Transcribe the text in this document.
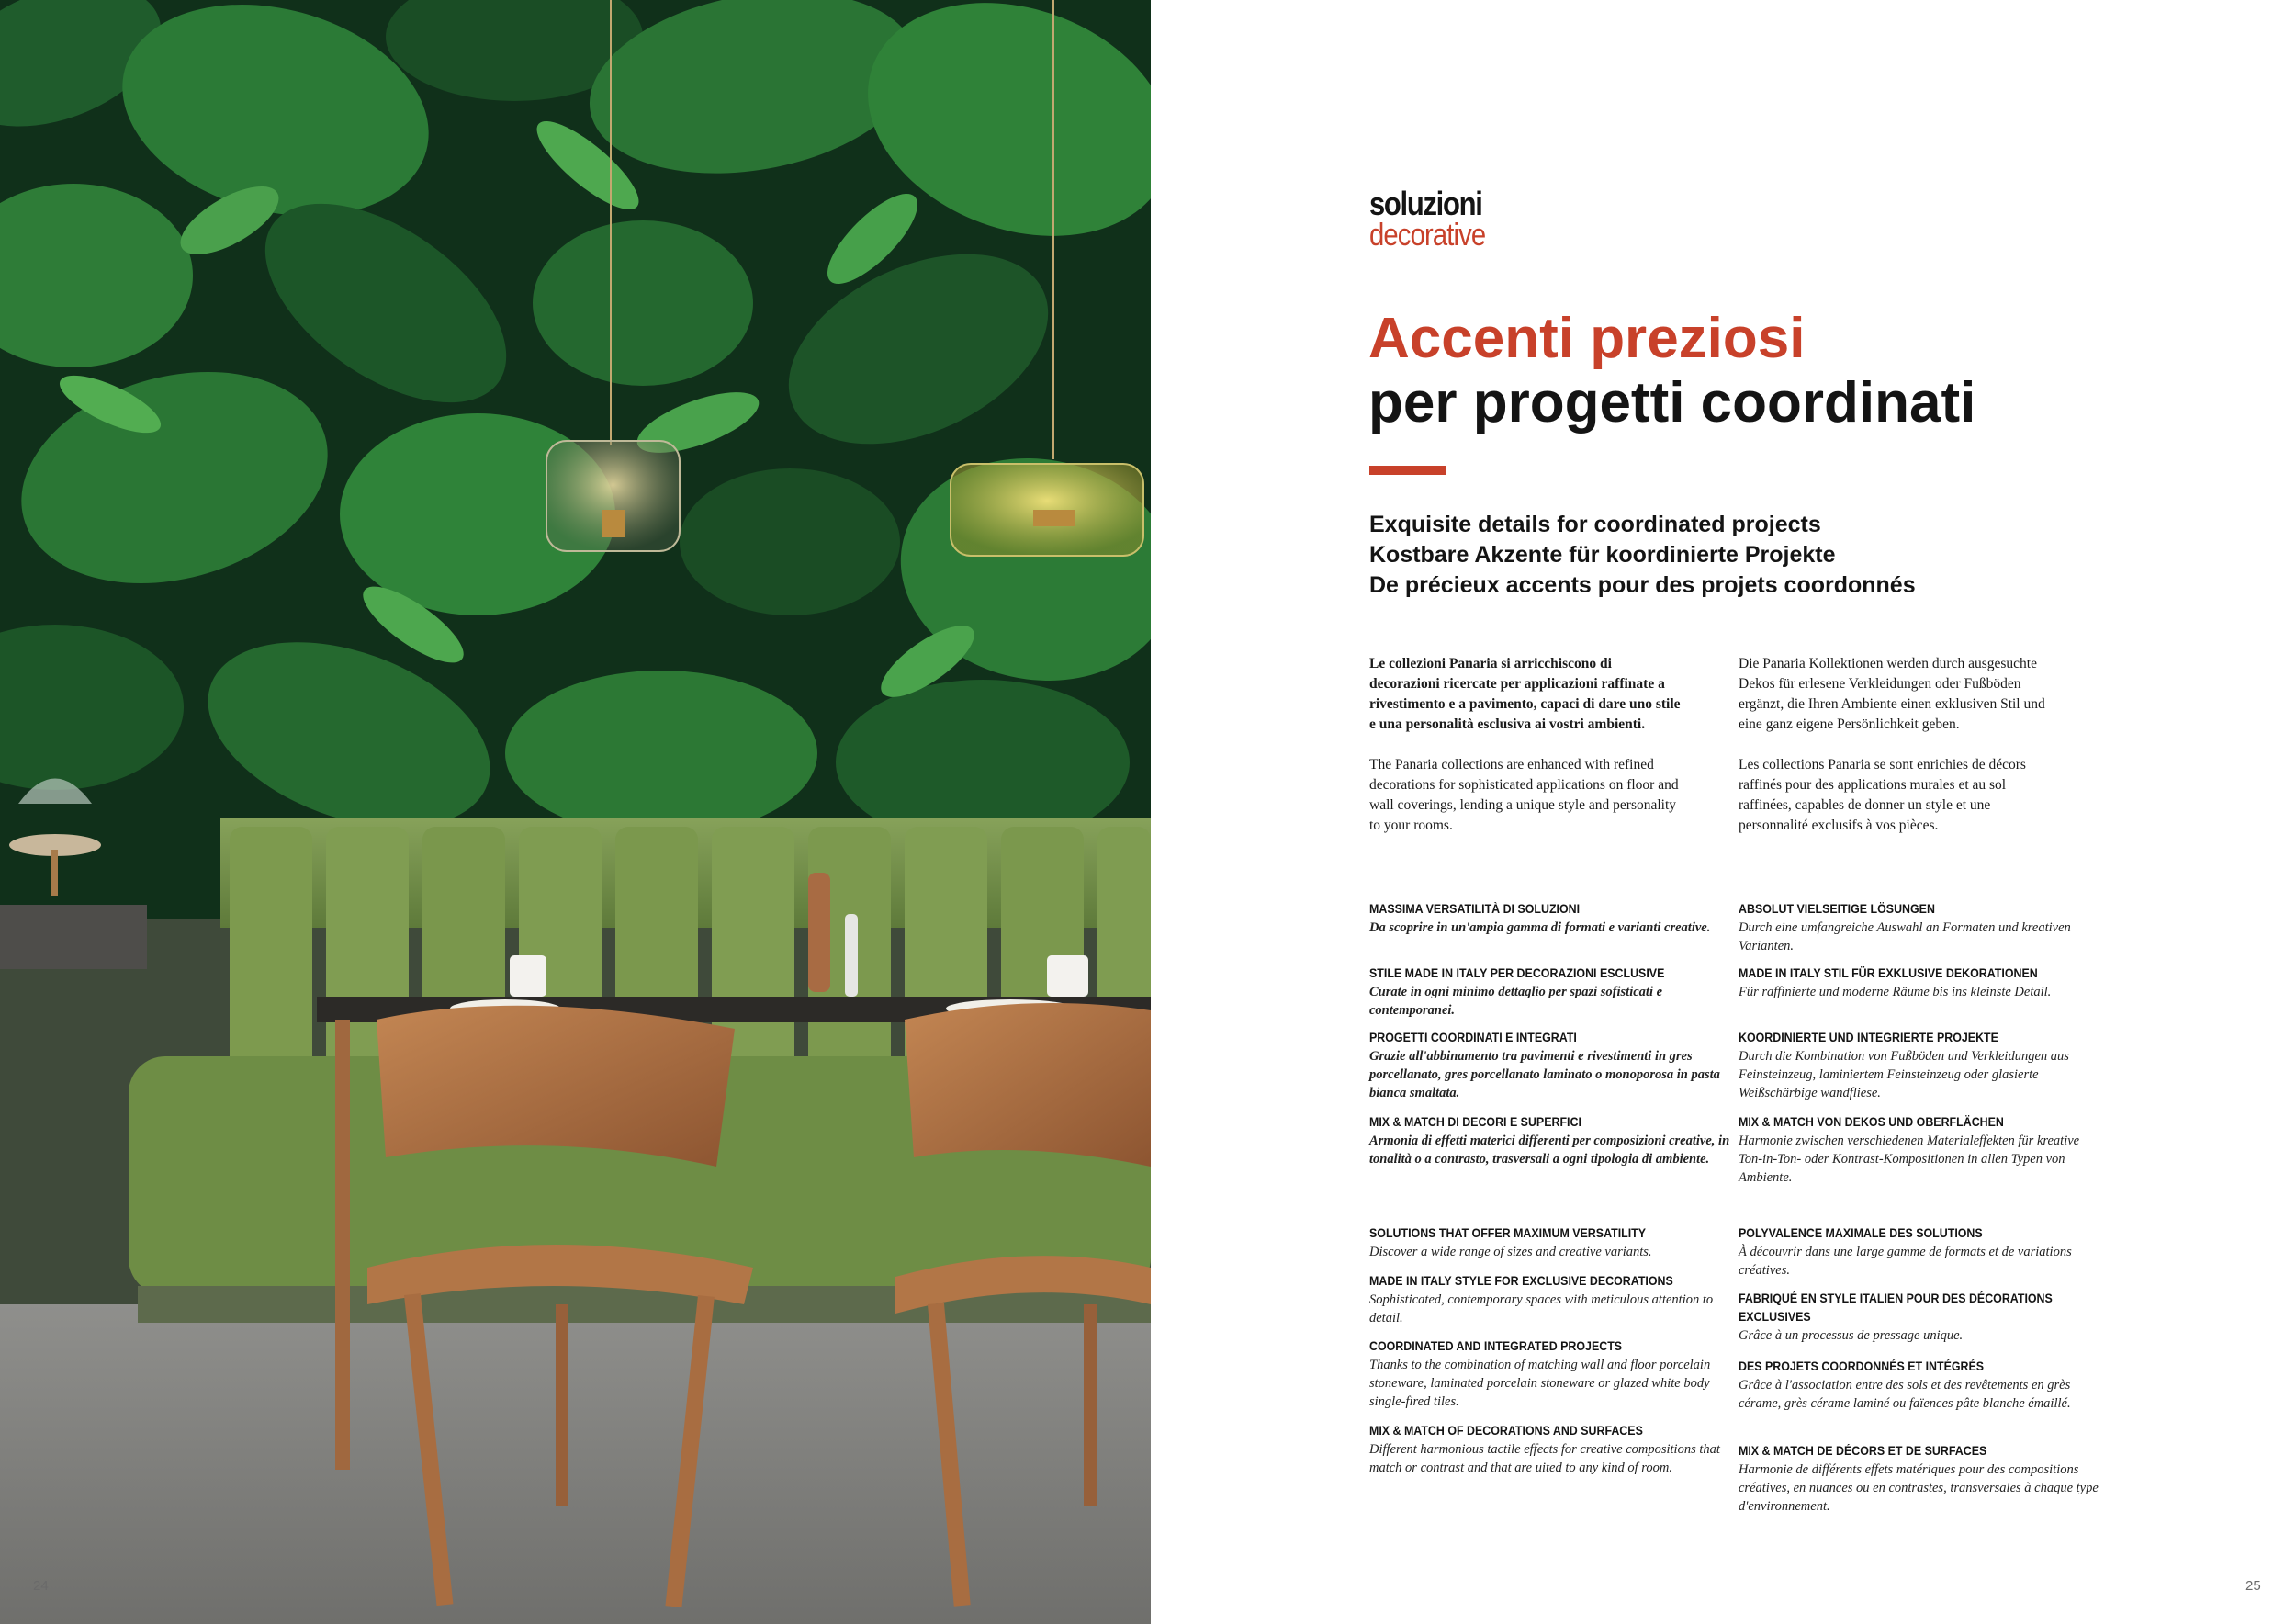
24
soluzioni
decorative
Accenti preziosi
per progetti coordinati
Exquisite details for coordinated projects
Kostbare Akzente für koordinierte Projekte
De précieux accents pour des projets coordonnés
Le collezioni Panaria si arricchiscono di decorazioni ricercate per applicazioni raffinate a rivestimento e a pavimento, capaci di dare uno stile e una personalità esclusiva ai vostri ambienti.
The Panaria collections are enhanced with refined decorations for sophisticated applications on floor and wall coverings, lending a unique style and personality to your rooms.
Die Panaria Kollektionen werden durch ausgesuchte Dekos für erlesene Verkleidungen oder Fußböden ergänzt, die Ihren Ambiente einen exklusiven Stil und eine ganz eigene Persönlichkeit geben.
Les collections Panaria se sont enrichies de décors raffinés pour des applications murales et au sol raffinées, capables de donner un style et une personnalité exclusifs à vos pièces.
MASSIMA VERSATILITÀ DI SOLUZIONI
Da scoprire in un'ampia gamma di formati e varianti creative.
STILE MADE IN ITALY PER DECORAZIONI ESCLUSIVE
Curate in ogni minimo dettaglio per spazi sofisticati e contemporanei.
PROGETTI COORDINATI E INTEGRATI
Grazie all'abbinamento tra pavimenti e rivestimenti in gres porcellanato, gres porcellanato laminato o monoporosa in pasta bianca smaltata.
MIX & MATCH DI DECORI E SUPERFICI
Armonia di effetti materici differenti per composizioni creative, in tonalità o a contrasto, trasversali a ogni tipologia di ambiente.
ABSOLUT VIELSEITIGE LÖSUNGEN
Durch eine umfangreiche Auswahl an Formaten und kreativen Varianten.
MADE IN ITALY STIL FÜR EXKLUSIVE DEKORATIONEN
Für raffinierte und moderne Räume bis ins kleinste Detail.
KOORDINIERTE UND INTEGRIERTE PROJEKTE
Durch die Kombination von Fußböden und Verkleidungen aus Feinsteinzeug, laminiertem Feinsteinzeug oder glasierte Weißschärbige wandfliese.
MIX & MATCH VON DEKOS UND OBERFLÄCHEN
Harmonie zwischen verschiedenen Materialeffekten für kreative Ton-in-Ton- oder Kontrast-Kompositionen in allen Typen von Ambiente.
SOLUTIONS THAT OFFER MAXIMUM VERSATILITY
Discover a wide range of sizes and creative variants.
MADE IN ITALY STYLE FOR EXCLUSIVE DECORATIONS
Sophisticated, contemporary spaces with meticulous attention to detail.
COORDINATED AND INTEGRATED PROJECTS
Thanks to the combination of matching wall and floor porcelain stoneware, laminated porcelain stoneware or glazed white body single-fired tiles.
MIX & MATCH OF DECORATIONS AND SURFACES
Different harmonious tactile effects for creative compositions that match or contrast and that are uited to any kind of room.
POLYVALENCE MAXIMALE DES SOLUTIONS
À découvrir dans une large gamme de formats et de variations créatives.
FABRIQUÉ EN STYLE ITALIEN POUR DES DÉCORATIONS EXCLUSIVES
Grâce à un processus de pressage unique.
DES PROJETS COORDONNÉS ET INTÉGRÉS
Grâce à l'association entre des sols et des revêtements en grès cérame, grès cérame laminé ou faïences pâte blanche émaillé.
MIX & MATCH DE DÉCORS ET DE SURFACES
Harmonie de différents effets matériques pour des compositions créatives, en nuances ou en contrastes, transversales à chaque type d'environnement.
25
